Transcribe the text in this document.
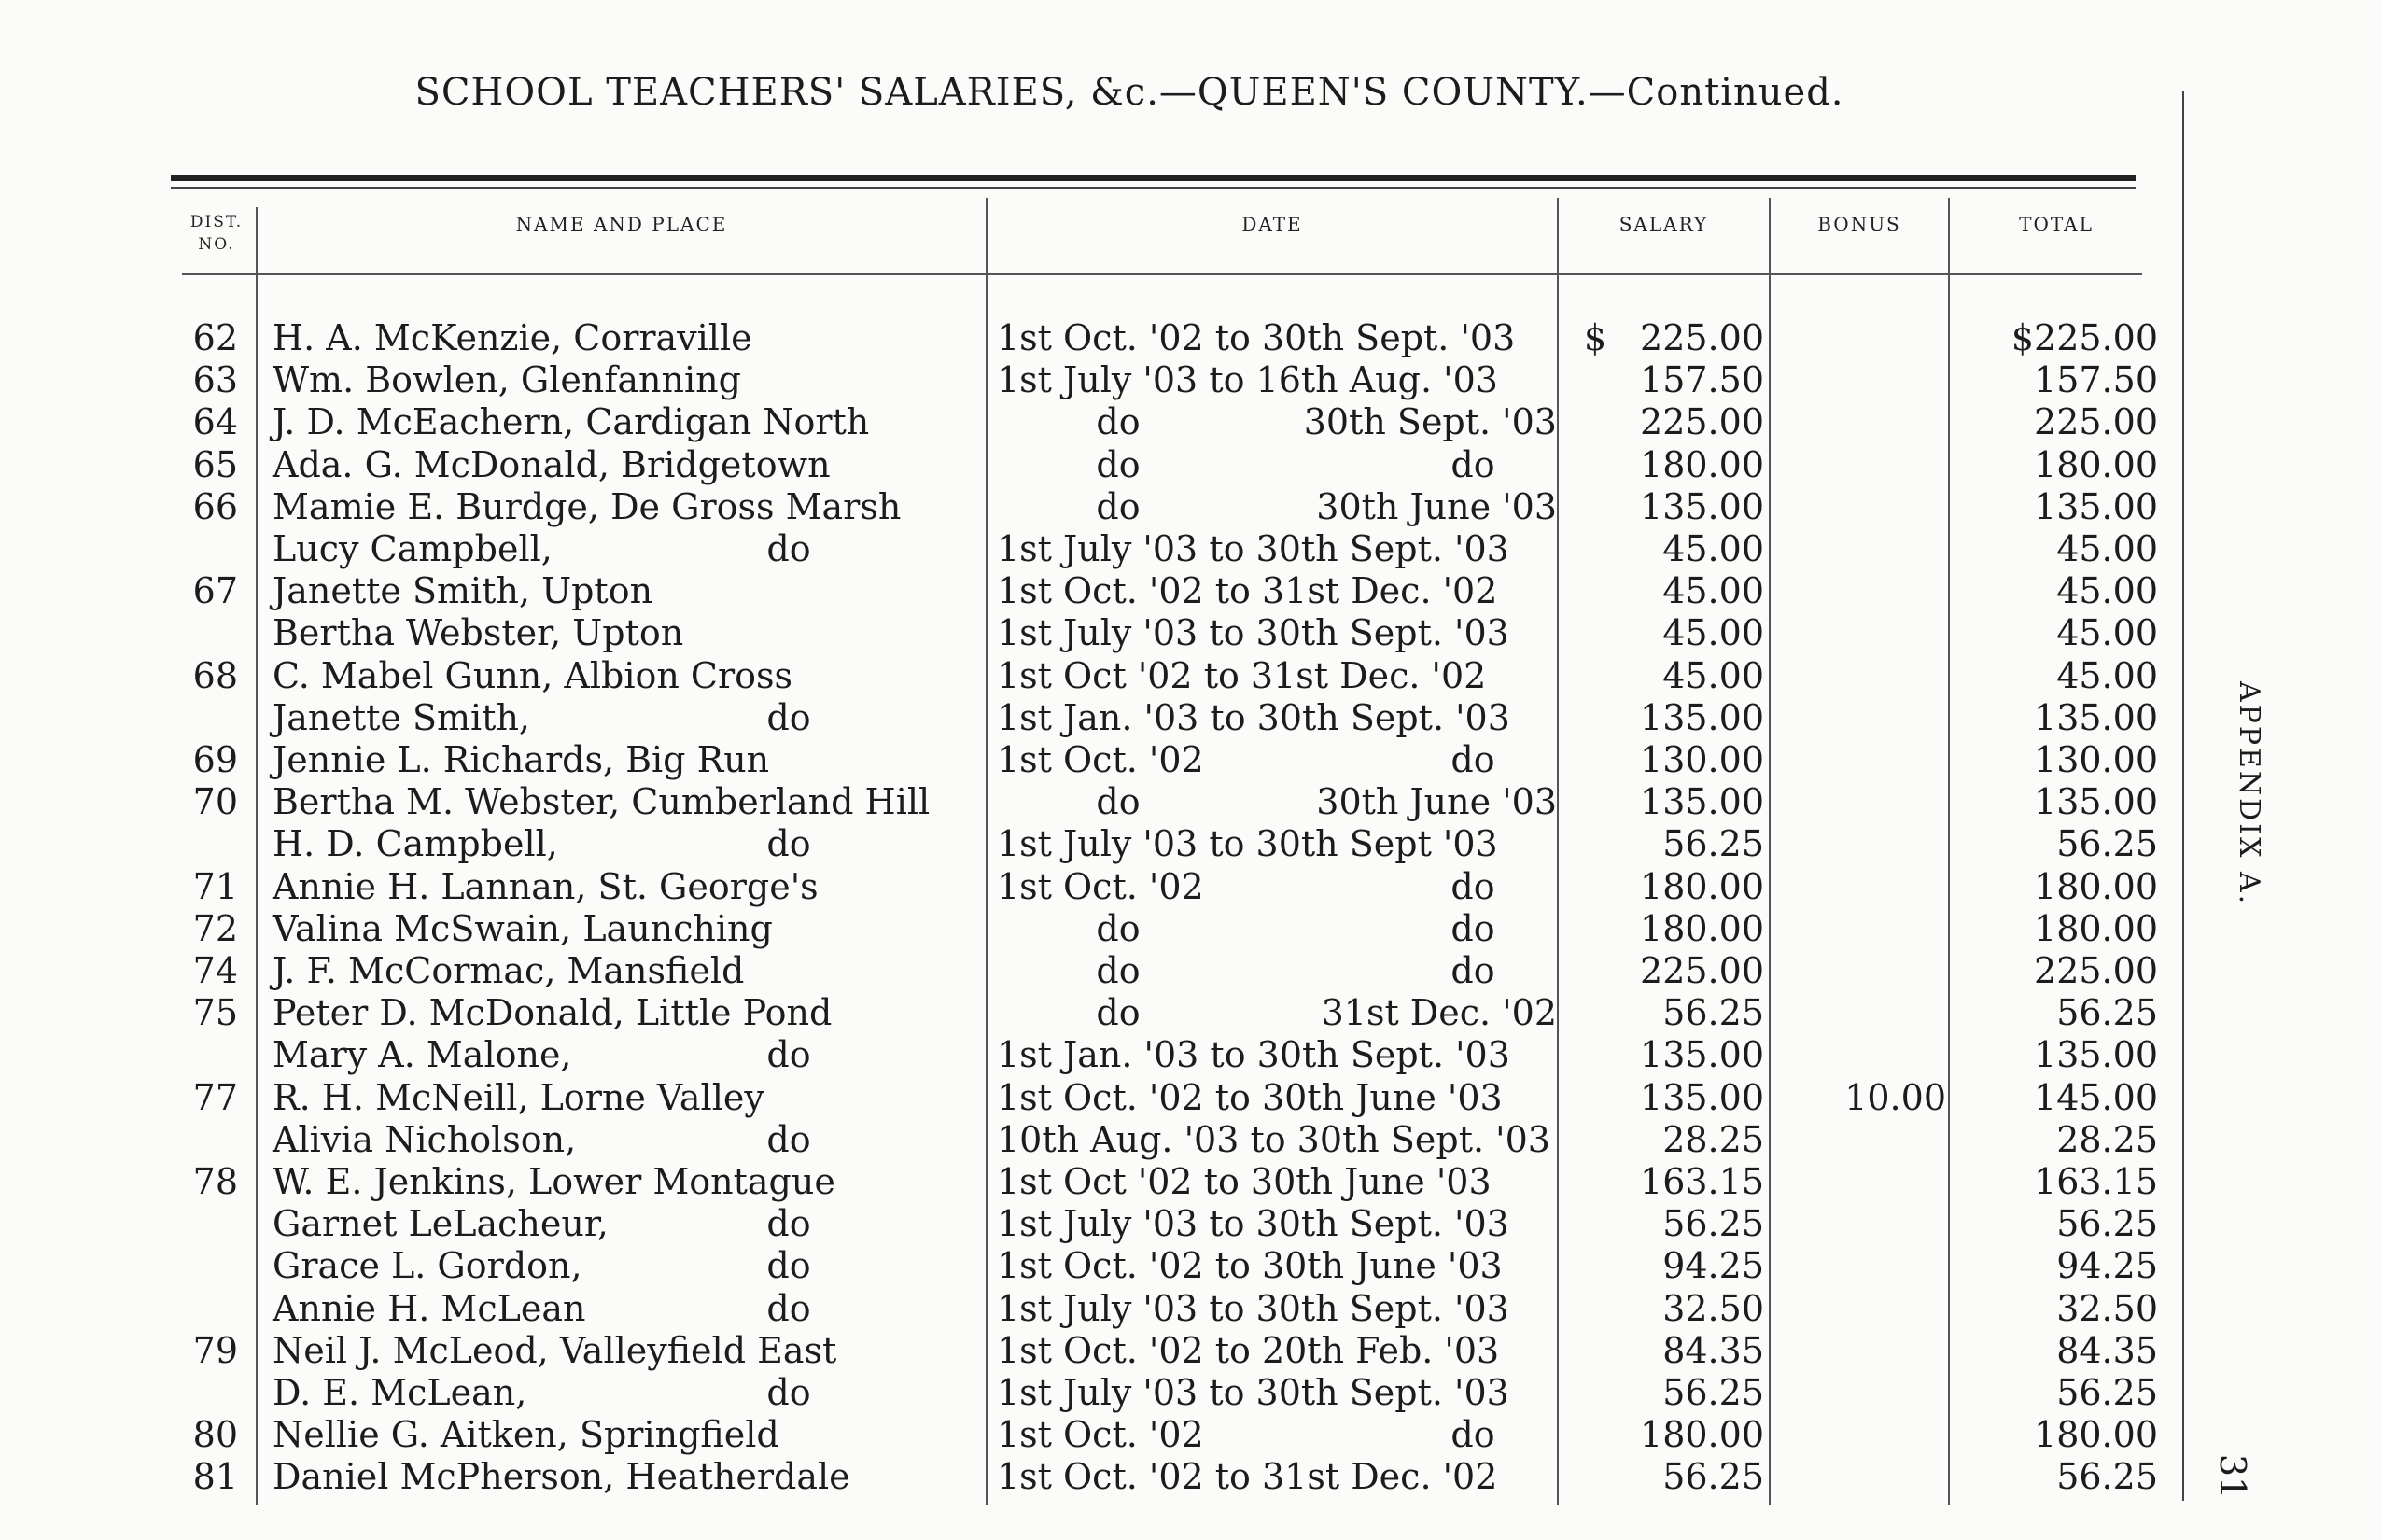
SCHOOL TEACHERS' SALARIES, &c.—QUEEN'S COUNTY.—Continued.
DIST.
NO.
NAME AND PLACE	DATE	SALARY	BONUS	TOTAL
62 H. A. McKenzie, Corraville	1st Oct. '02 to 30th Sept. '03	$ 225.00	$225.00
63 Wm. Bowlen, Glenfanning	1st July '03 to 16th Aug. '03	157.50	157.50
64 J. D. McEachern, Cardigan North	do	30th Sept. '03	225.00	225.00
65 Ada. G. McDonald, Bridgetown	do	do	180.00	180.00
66 Mamie E. Burdge, De Gross Marsh	do	30th June '03	135.00	135.00
Lucy Campbell,	do	1st July '03 to 30th Sept. '03	45.00	45.00
67 Janette Smith, Upton	1st Oct. '02 to 31st Dec. '02	45.00	45.00
Bertha Webster, Upton	1st July '03 to 30th Sept. '03	45.00	45.00
68 C. Mabel Gunn, Albion Cross	1st Oct '02 to 31st Dec. '02	45.00	45.00
Janette Smith,	do	1st Jan. '03 to 30th Sept. '03	135.00	135.00
69 Jennie L. Richards, Big Run	1st Oct. '02	do	130.00	130.00
70 Bertha M. Webster, Cumberland Hill	do	30th June '03	135.00	135.00
H. D. Campbell,	do	1st July '03 to 30th Sept '03	56.25	56.25
71 Annie H. Lannan, St. George's	1st Oct. '02	do	180.00	180.00
72 Valina McSwain, Launching	do	do	180.00	180.00
74 J. F. McCormac, Mansfield	do	do	225.00	225.00
75 Peter D. McDonald, Little Pond	do	31st Dec. '02	56.25	56.25
Mary A. Malone,	do	1st Jan. '03 to 30th Sept. '03	135.00	135.00
77 R. H. McNeill, Lorne Valley	1st Oct. '02 to 30th June '03	135.00	10.00	145.00
Alivia Nicholson,	do	10th Aug. '03 to 30th Sept. '03	28.25	28.25
78 W. E. Jenkins, Lower Montague	1st Oct '02 to 30th June '03	163.15	163.15
Garnet LeLacheur,	do	1st July '03 to 30th Sept. '03	56.25	56.25
Grace L. Gordon,	do	1st Oct. '02 to 30th June '03	94.25	94.25
Annie H. McLean	do	1st July '03 to 30th Sept. '03	32.50	32.50
79 Neil J. McLeod, Valleyfield East	1st Oct. '02 to 20th Feb. '03	84.35	84.35
D. E. McLean,	do	1st July '03 to 30th Sept. '03	56.25	56.25
80 Nellie G. Aitken, Springfield	1st Oct. '02	do	180.00	180.00
81 Daniel McPherson, Heatherdale	1st Oct. '02 to 31st Dec. '02	56.25	56.25
APPENDIX A.
31
